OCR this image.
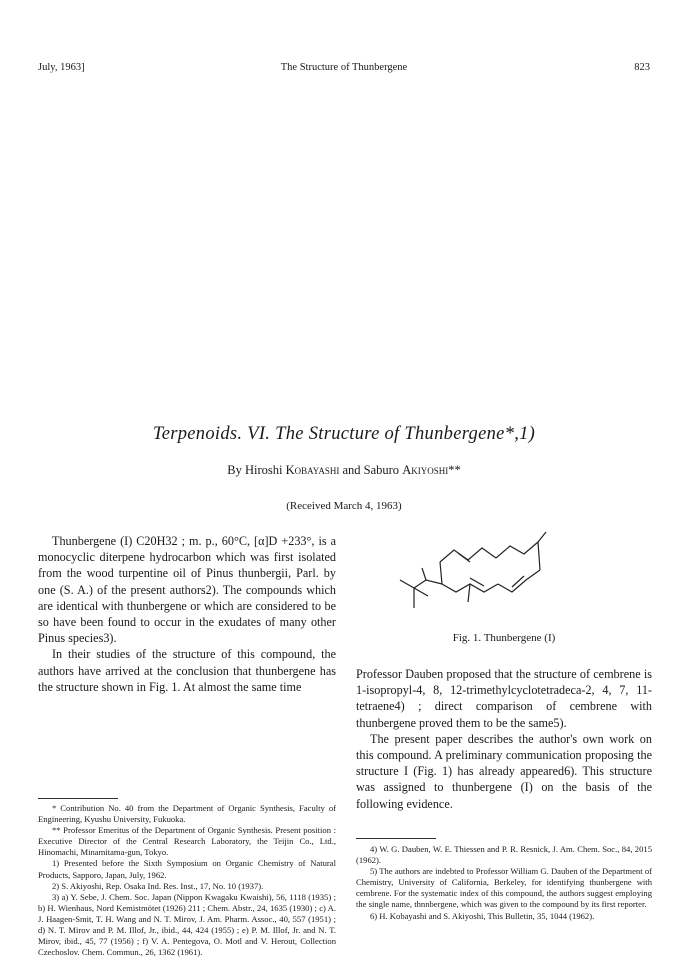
July, 1963]	The Structure of Thunbergene	823
Terpenoids. VI. The Structure of Thunbergene*,1)
By Hiroshi Kobayashi and Saburo Akiyoshi**
(Received March 4, 1963)

Thunbergene (I) C20H32 ; m. p., 60°C, [α]D +233°, is a monocyclic diterpene hydrocarbon which was first isolated from the wood turpentine oil of Pinus thunbergii, Parl. by one (S. A.) of the present authors2). The compounds which are identical with thunbergene or which are considered to be so have been found to occur in the exudates of many other Pinus species3).

In their studies of the structure of this compound, the authors have arrived at the conclusion that thunbergene has the structure shown in Fig. 1. At almost the same time

Fig. 1. Thunbergene (I)

Professor Dauben proposed that the structure of cembrene is 1-isopropyl-4, 8, 12-trimethylcyclotetradeca-2, 4, 7, 11-tetraene4) ; direct comparison of cembrene with thunbergene proved them to be the same5).

The present paper describes the author's own work on this compound. A preliminary communication proposing the structure I (Fig. 1) has already appeared6). This structure was assigned to thunbergene (I) on the basis of the following evidence.

* Contribution No. 40 from the Department of Organic Synthesis, Faculty of Engineering, Kyushu University, Fukuoka.

** Professor Emeritus of the Department of Organic Synthesis. Present position : Executive Director of the Central Research Laboratory, the Teijin Co., Ltd., Hinomachi, Minamitama-gun, Tokyo.

1) Presented before the Sixth Symposium on Organic Chemistry of Natural Products, Sapporo, Japan, July, 1962.

2) S. Akiyoshi, Rep. Osaka Ind. Res. Inst., 17, No. 10 (1937).

3) a) Y. Sebe, J. Chem. Soc. Japan (Nippon Kwagaku Kwaishi), 56, 1118 (1935) ; b) H. Wienhaus, Nord Kemistmötet (1926) 211 ; Chem. Abstr., 24, 1635 (1930) ; c) A. J. Haagen-Smit, T. H. Wang and N. T. Mirov, J. Am. Pharm. Assoc., 40, 557 (1951) ; d) N. T. Mirov and P. M. Illof, Jr., ibid., 44, 424 (1955) ; e) P. M. Illof, Jr. and N. T. Mirov, ibid., 45, 77 (1956) ; f) V. A. Pentegova, O. Motl and V. Herout, Collection Czechoslov. Chem. Commun., 26, 1362 (1961).

4) W. G. Dauben, W. E. Thiessen and P. R. Resnick, J. Am. Chem. Soc., 84, 2015 (1962).

5) The authors are indebted to Professor William G. Dauben of the Department of Chemistry, University of California, Berkeley, for identifying thunbergene with cembrene. For the systematic index of this compound, the authors suggest employing the single name, thnnbergene, which was given to the compound by its first reporter.

6) H. Kobayashi and S. Akiyoshi, This Bulletin, 35, 1044 (1962).
